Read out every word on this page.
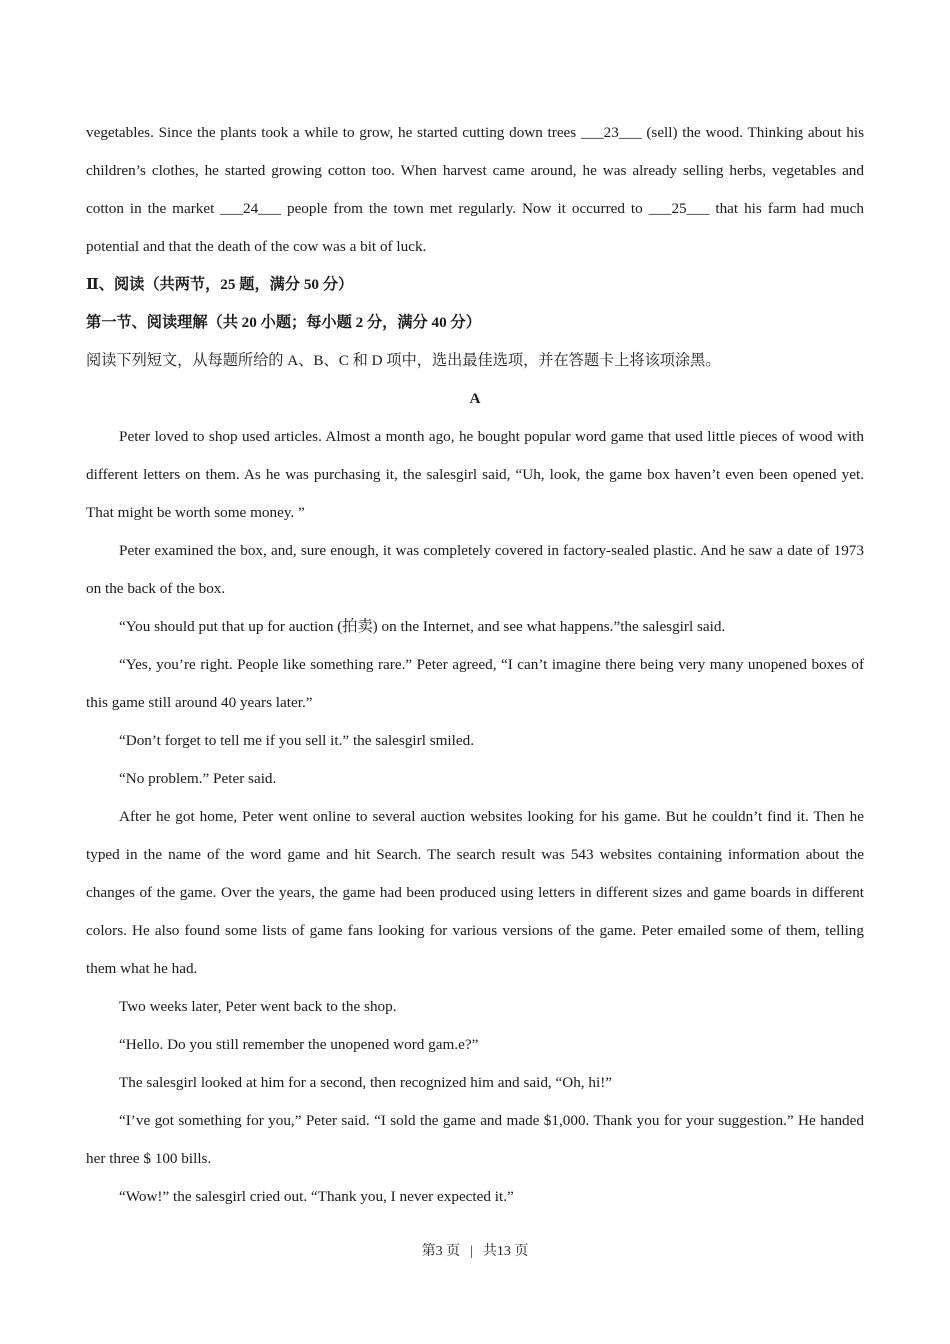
vegetables. Since the plants took a while to grow, he started cutting down trees ___23___ (sell) the wood. Thinking about his children’s clothes, he started growing cotton too. When harvest came around, he was already selling herbs, vegetables and cotton in the market ___24___ people from the town met regularly. Now it occurred to ___25___ that his farm had much potential and that the death of the cow was a bit of luck.

Ⅱ、阅读（共两节，25 题，满分 50 分）

第一节、阅读理解（共 20 小题；每小题 2 分，满分 40 分）

阅读下列短文，从每题所给的 A、B、C 和 D 项中，选出最佳选项，并在答题卡上将该项涂黑。

A

Peter loved to shop used articles. Almost a month ago, he bought popular word game that used little pieces of wood with different letters on them. As he was purchasing it, the salesgirl said, “Uh, look, the game box haven’t even been opened yet. That might be worth some money. ”

Peter examined the box, and, sure enough, it was completely covered in factory-sealed plastic. And he saw a date of 1973 on the back of the box.

“You should put that up for auction (拍卖) on the Internet, and see what happens.”the salesgirl said.

“Yes, you’re right. People like something rare.” Peter agreed, “I can’t imagine there being very many unopened boxes of this game still around 40 years later.”

“Don’t forget to tell me if you sell it.” the salesgirl smiled.

“No problem.” Peter said.

After he got home, Peter went online to several auction websites looking for his game. But he couldn’t find it. Then he typed in the name of the word game and hit Search. The search result was 543 websites containing information about the changes of the game. Over the years, the game had been produced using letters in different sizes and game boards in different colors. He also found some lists of game fans looking for various versions of the game. Peter emailed some of them, telling them what he had.

Two weeks later, Peter went back to the shop.

“Hello. Do you still remember the unopened word gam.e?”

The salesgirl looked at him for a second, then recognized him and said, “Oh, hi!”

“I’ve got something for you,” Peter said. “I sold the game and made $1,000. Thank you for your suggestion.” He handed her three $ 100 bills.

“Wow!” the salesgirl cried out. “Thank you, I never expected it.”

第3 页 | 共13 页
